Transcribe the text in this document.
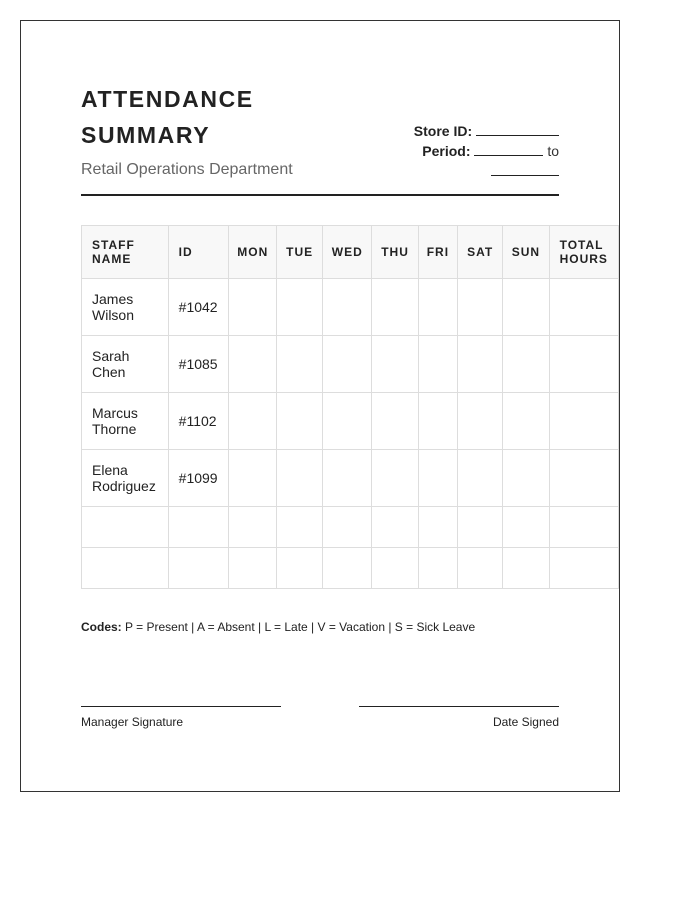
ATTENDANCE SUMMARY
Retail Operations Department
Store ID:
Period:	to
STAFF NAME	ID	MON	TUE	WED	THU	FRI	SAT	SUN	TOTAL HOURS
James Wilson	#1042								
Sarah Chen	#1085								
Marcus Thorne	#1102								
Elena Rodriguez	#1099								

Codes: P = Present | A = Absent | L = Late | V = Vacation | S = Sick Leave
Manager Signature	Date Signed
